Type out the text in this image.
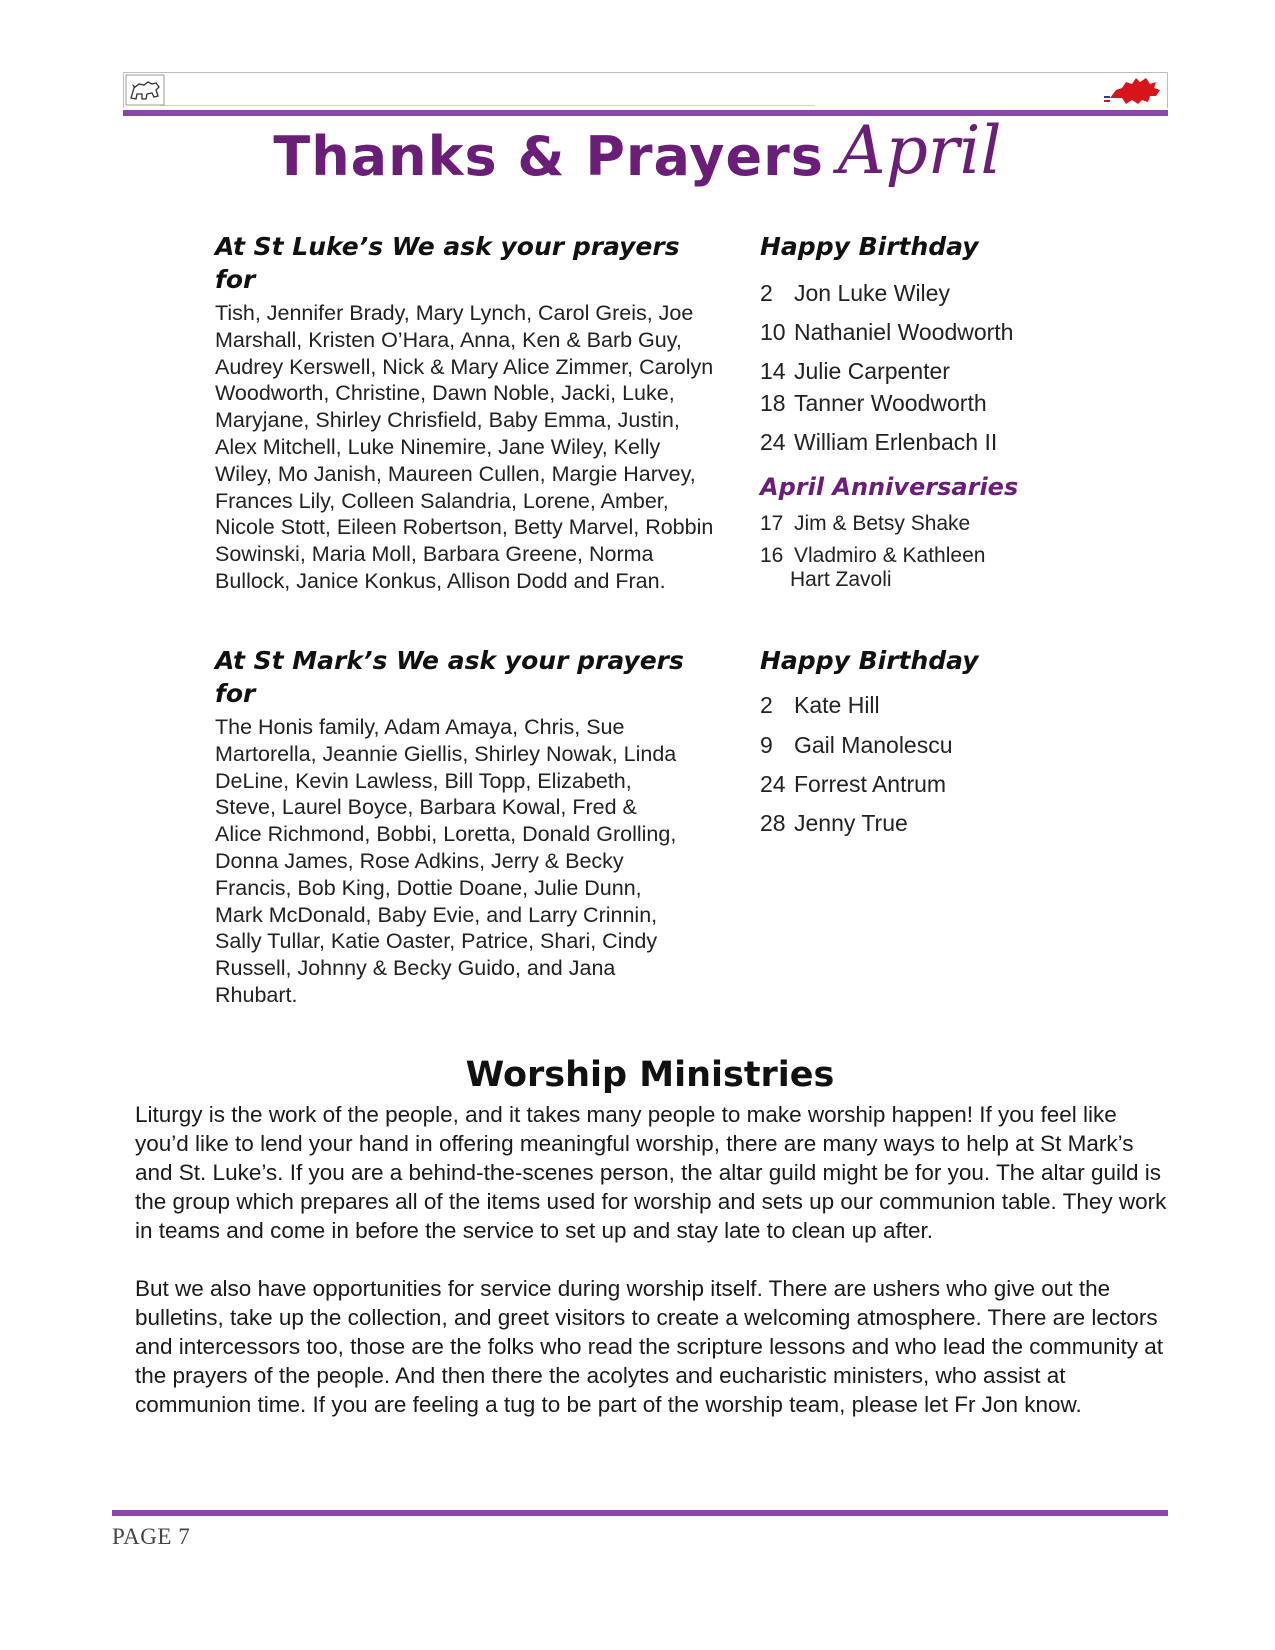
Thanks & Prayers April
At St Luke’s We ask your prayers for

Tish, Jennifer Brady, Mary Lynch, Carol Greis, Joe Marshall, Kristen O’Hara, Anna, Ken & Barb Guy, Audrey Kerswell, Nick & Mary Alice Zimmer, Carolyn Woodworth, Christine, Dawn Noble, Jacki, Luke, Maryjane, Shirley Chrisfield, Baby Emma, Justin, Alex Mitchell, Luke Ninemire, Jane Wiley, Kelly Wiley, Mo Janish, Maureen Cullen, Margie Harvey, Frances Lily, Colleen Salandria, Lorene, Amber, Nicole Stott, Eileen Robertson, Betty Marvel, Robbin Sowinski, Maria Moll, Barbara Greene, Norma Bullock, Janice Konkus, Allison Dodd and Fran.

Happy Birthday
2 Jon Luke Wiley
10 Nathaniel Woodworth
14 Julie Carpenter
18 Tanner Woodworth
24 William Erlenbach II
April Anniversaries
17 Jim & Betsy Shake
16 Vladmiro & Kathleen
Hart Zavoli
At St Mark’s We ask your prayers for

The Honis family, Adam Amaya, Chris, Sue Martorella, Jeannie Giellis, Shirley Nowak, Linda DeLine, Kevin Lawless, Bill Topp, Elizabeth, Steve, Laurel Boyce, Barbara Kowal, Fred & Alice Richmond, Bobbi, Loretta, Donald Grolling, Donna James, Rose Adkins, Jerry & Becky Francis, Bob King, Dottie Doane, Julie Dunn, Mark McDonald, Baby Evie, and Larry Crinnin, Sally Tullar, Katie Oaster, Patrice, Shari, Cindy Russell, Johnny & Becky Guido, and Jana Rhubart.

Happy Birthday
2 Kate Hill
9 Gail Manolescu
24 Forrest Antrum
28 Jenny True
Worship Ministries

Liturgy is the work of the people, and it takes many people to make worship happen! If you feel like you’d like to lend your hand in offering meaningful worship, there are many ways to help at St Mark’s and St. Luke’s. If you are a behind-the-scenes person, the altar guild might be for you. The altar guild is the group which prepares all of the items used for worship and sets up our communion table. They work in teams and come in before the service to set up and stay late to clean up after.

But we also have opportunities for service during worship itself. There are ushers who give out the bulletins, take up the collection, and greet visitors to create a welcoming atmosphere. There are lectors and intercessors too, those are the folks who read the scripture lessons and who lead the community at the prayers of the people. And then there the acolytes and eucharistic ministers, who assist at communion time. If you are feeling a tug to be part of the worship team, please let Fr Jon know.

PAGE 7
